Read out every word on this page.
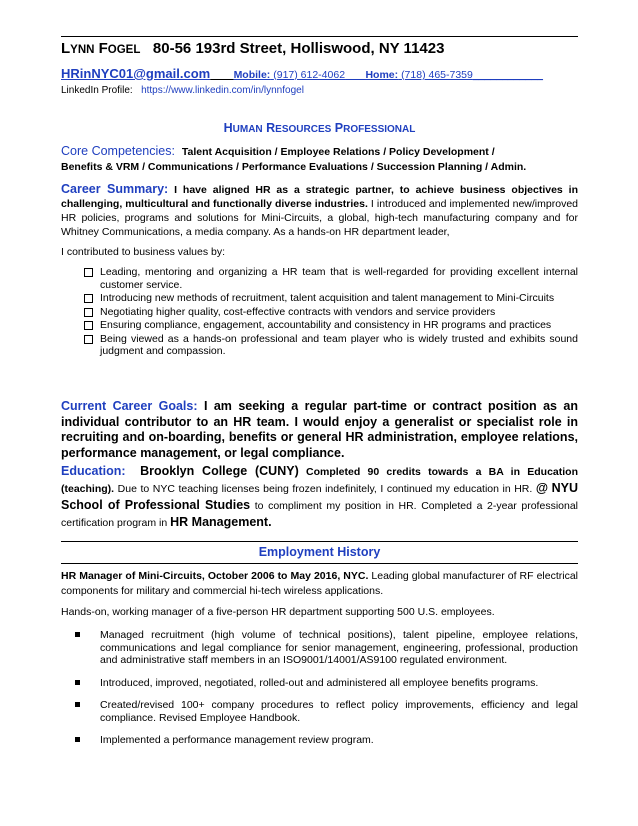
LYNN FOGEL 80-56 193rd Street, Holliswood, NY 11423
HRinNYC01@gmail.com Mobile: (917) 612-4062 Home: (718) 465-7359____________
LinkedIn Profile: https://www.linkedin.com/in/lynnfogel
HUMAN RESOURCES PROFESSIONAL

Core Competencies: Talent Acquisition / Employee Relations / Policy Development /

Benefits & VRM / Communications / Performance Evaluations / Succession Planning / Admin.

Career Summary: I have aligned HR as a strategic partner, to achieve business objectives in challenging, multicultural and functionally diverse industries. I introduced and implemented new/improved HR policies, programs and solutions for Mini-Circuits, a global, high-tech manufacturing company and for Whitney Communications, a media company. As a hands-on HR department leader,

I contributed to business values by:

Leading, mentoring and organizing a HR team that is well-regarded for providing excellent internal customer service.
Introducing new methods of recruitment, talent acquisition and talent management to Mini-Circuits
Negotiating higher quality, cost-effective contracts with vendors and service providers
Ensuring compliance, engagement, accountability and consistency in HR programs and practices
Being viewed as a hands-on professional and team player who is widely trusted and exhibits sound judgment and compassion.

Current Career Goals: I am seeking a regular part-time or contract position as an individual contributor to an HR team. I would enjoy a generalist or specialist role in recruiting and on-boarding, benefits or general HR administration, employee relations, performance management, or legal compliance.

Education: Brooklyn College (CUNY) Completed 90 credits towards a BA in Education (teaching). Due to NYC teaching licenses being frozen indefinitely, I continued my education in HR. @ NYU School of Professional Studies to compliment my position in HR. Completed a 2-year professional certification program in HR Management.

Employment History

HR Manager of Mini-Circuits, October 2006 to May 2016, NYC. Leading global manufacturer of RF electrical components for military and commercial hi-tech wireless applications.

Hands-on, working manager of a five-person HR department supporting 500 U.S. employees.

Managed recruitment (high volume of technical positions), talent pipeline, employee relations, communications and legal compliance for senior management, engineering, professional, production and administrative staff members in an ISO9001/14001/AS9100 regulated environment.
Introduced, improved, negotiated, rolled-out and administered all employee benefits programs.
Created/revised 100+ company procedures to reflect policy improvements, efficiency and legal compliance. Revised Employee Handbook.
Implemented a performance management review program.
